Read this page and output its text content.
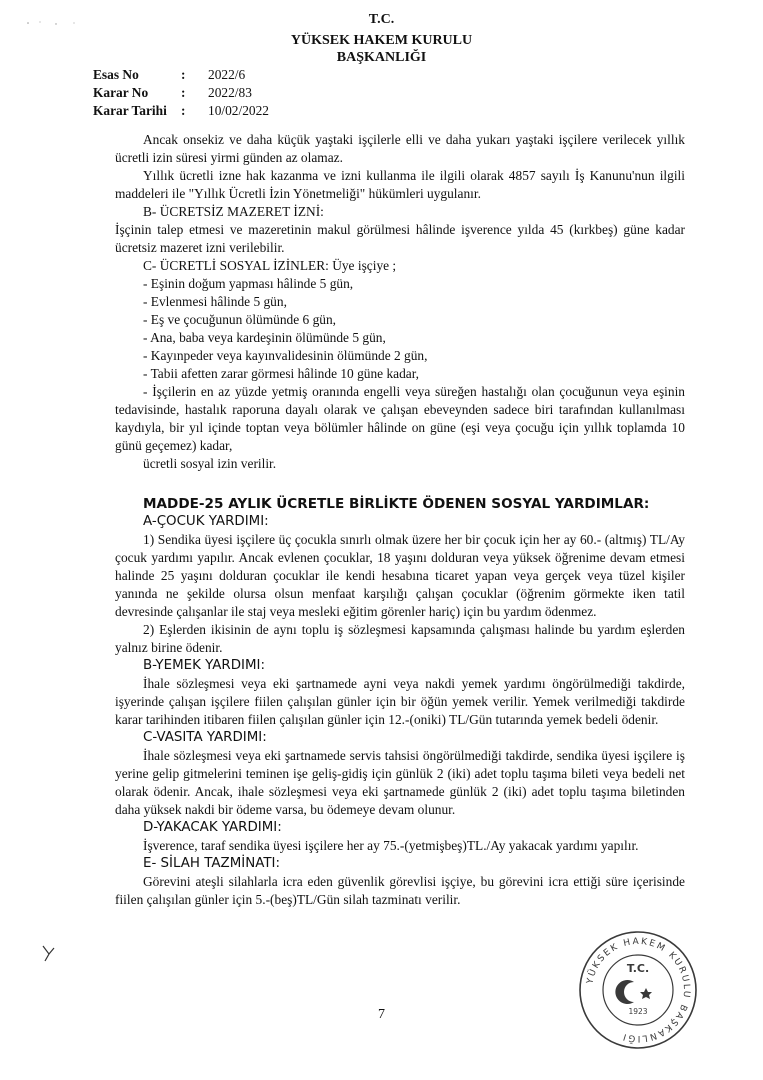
T.C.
YÜKSEK HAKEM KURULU
BAŞKANLIĞI
Esas No	:	2022/6
Karar No	:	2022/83
Karar Tarihi	:	10/02/2022
Ancak onsekiz ve daha küçük yaştaki işçilerle elli ve daha yukarı yaştaki işçilere verilecek yıllık ücretli izin süresi yirmi günden az olamaz.
Yıllık ücretli izne hak kazanma ve izni kullanma ile ilgili olarak 4857 sayılı İş Kanunu'nun ilgili maddeleri ile "Yıllık Ücretli İzin Yönetmeliği" hükümleri uygulanır.
B- ÜCRETSİZ MAZERET İZNİ:
İşçinin talep etmesi ve mazeretinin makul görülmesi hâlinde işverence yılda 45 (kırkbeş) güne kadar ücretsiz mazeret izni verilebilir.
C- ÜCRETLİ SOSYAL İZİNLER: Üye işçiye ;
- Eşinin doğum yapması hâlinde 5 gün,
- Evlenmesi hâlinde 5 gün,
- Eş ve çocuğunun ölümünde 6 gün,
- Ana, baba veya kardeşinin ölümünde 5 gün,
- Kayınpeder veya kayınvalidesinin ölümünde 2 gün,
- Tabii afetten zarar görmesi hâlinde 10 güne kadar,
- İşçilerin en az yüzde yetmiş oranında engelli veya süreğen hastalığı olan çocuğunun veya eşinin tedavisinde, hastalık raporuna dayalı olarak ve çalışan ebeveynden sadece biri tarafından kullanılması kaydıyla, bir yıl içinde toptan veya bölümler hâlinde on güne (eşi veya çocuğu için yıllık toplamda 10 günü geçemez) kadar,
ücretli sosyal izin verilir.
MADDE-25 AYLIK ÜCRETLE BİRLİKTE ÖDENEN SOSYAL YARDIMLAR:
A-ÇOCUK YARDIMI:
1) Sendika üyesi işçilere üç çocukla sınırlı olmak üzere her bir çocuk için her ay 60.- (altmış) TL/Ay çocuk yardımı yapılır. Ancak evlenen çocuklar, 18 yaşını dolduran veya yüksek öğrenime devam etmesi halinde 25 yaşını dolduran çocuklar ile kendi hesabına ticaret yapan veya gerçek veya tüzel kişiler yanında ne şekilde olursa olsun menfaat karşılığı çalışan çocuklar (öğrenim görmekte iken tatil devresinde çalışanlar ile staj veya mesleki eğitim görenler hariç) için bu yardım ödenmez.
2) Eşlerden ikisinin de aynı toplu iş sözleşmesi kapsamında çalışması halinde bu yardım eşlerden yalnız birine ödenir.
B-YEMEK YARDIMI:
İhale sözleşmesi veya eki şartnamede ayni veya nakdi yemek yardımı öngörülmediği takdirde, işyerinde çalışan işçilere fiilen çalışılan günler için bir öğün yemek verilir. Yemek verilmediği takdirde karar tarihinden itibaren fiilen çalışılan günler için 12.-(oniki) TL/Gün tutarında yemek bedeli ödenir.
C-VASITA YARDIMI:
İhale sözleşmesi veya eki şartnamede servis tahsisi öngörülmediği takdirde, sendika üyesi işçilere iş yerine gelip gitmelerini teminen işe geliş-gidiş için günlük 2 (iki) adet toplu taşıma bileti veya bedeli net olarak ödenir. Ancak, ihale sözleşmesi veya eki şartnamede günlük 2 (iki) adet toplu taşıma biletinden daha yüksek nakdi bir ödeme varsa, bu ödemeye devam olunur.
D-YAKACAK YARDIMI:
İşverence, taraf sendika üyesi işçilere her ay 75.-(yetmişbeş)TL./Ay yakacak yardımı yapılır.
E- SİLAH TAZMİNATI:
Görevini ateşli silahlarla icra eden güvenlik görevlisi işçiye, bu görevini icra ettiği süre içerisinde fiilen çalışılan günler için 5.-(beş)TL/Gün silah tazminatı verilir.
7
YÜKSEK HAKEM KURULU BAŞKANLIĞI
T.C.
1923
